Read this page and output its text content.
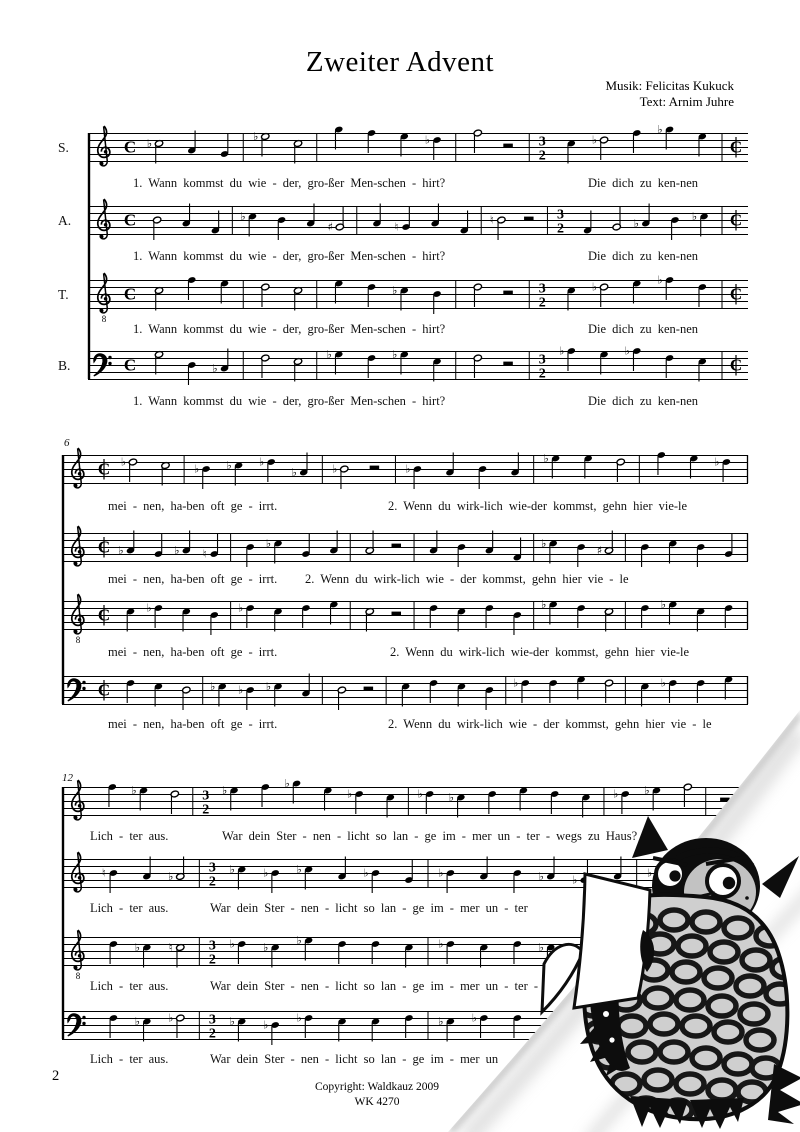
Zweiter Advent
Musik: Felicitas Kukuck
Text: Arnim Juhre
C ♭
♭	♭	3
2
♭
♭
C
C	♭
♯	♮
♮	3
2	♭
♭ C
8
C	♭	3
2
♭
♭
C
C	♭
♭	♭	3
2
♭	♭
C
C ♭
♭ ♭ ♭
♭	♭	♭
♭	♭
C ♭	♭ ♮
♭	♭
♯
8
C	♭	♭	♭	♭
C	♭ ♭ ♭	♭	♭
♭	3
2
♭
♭
♭	♭ ♭	♭ ♭
♮	♭
3
2
♭	♭	♭	♭	♭	♭	♭
♭
8
♭	♮	3
2
♭	♭
♭	♭	♭
♭	♭	3
2
♭	♭
♭	♭	♭
S.
1. Wann kommst du wie - der, gro-ßer Men-schen - hirt?	Die dich zu ken-nen
A.
1. Wann kommst du wie - der, gro-ßer Men-schen - hirt?	Die dich zu ken-nen
T.
1. Wann kommst du wie - der, gro-ßer Men-schen - hirt?	Die dich zu ken-nen
B.
1. Wann kommst du wie - der, gro-ßer Men-schen - hirt?	Die dich zu ken-nen
mei - nen, ha-ben oft ge - irrt.	2. Wenn du wirk-lich wie-der kommst, gehn hier vie-le
mei - nen, ha-ben oft ge - irrt. 2. Wenn du wirk-lich wie - der kommst, gehn hier vie - le
mei - nen, ha-ben oft ge - irrt.	2. Wenn du wirk-lich wie-der kommst, gehn hier vie-le
mei - nen, ha-ben oft ge - irrt.	2. Wenn du wirk-lich wie - der kommst, gehn hier vie - le
6
Lich - ter aus.	War dein Ster - nen - licht so lan - ge im - mer un - ter - wegs zu Haus?
Lich - ter aus.	War dein Ster - nen - licht so lan - ge im - mer un - ter
Lich - ter aus.	War dein Ster - nen - licht so lan - ge im - mer un - ter -
Lich - ter aus.	War dein Ster - nen - licht so lan - ge im - mer un
12
2
Copyright: Waldkauz 2009
WK 4270
